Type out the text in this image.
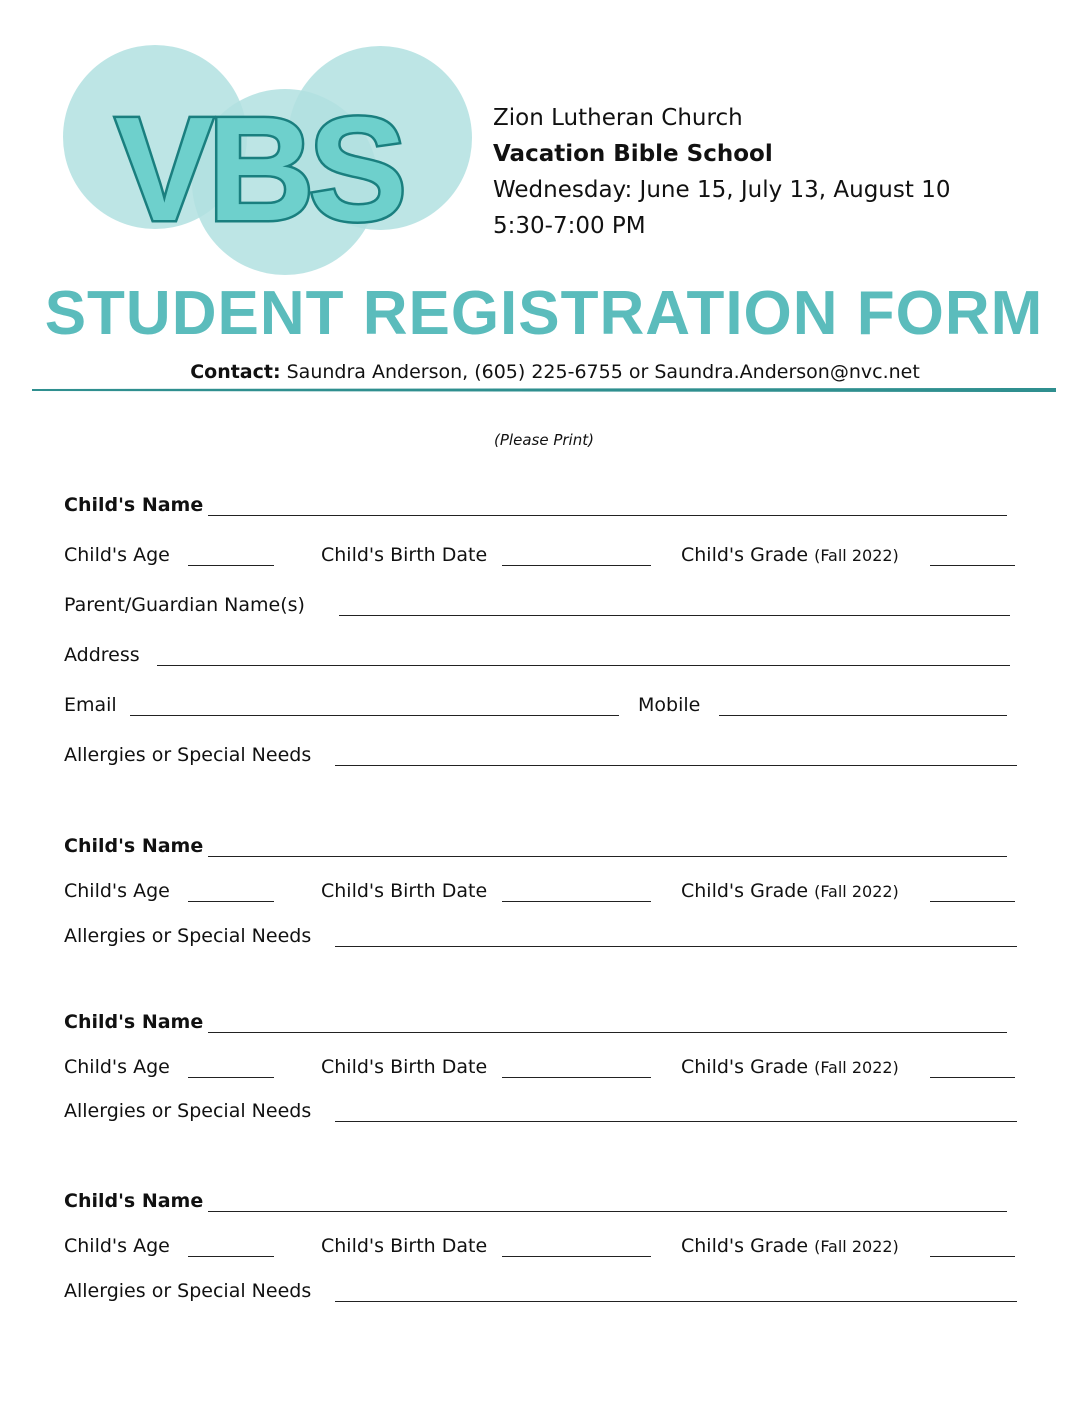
VBS	Zion Lutheran Church
Vacation Bible School
Wednesday: June 15, July 13, August 10
5:30-7:00 PM
STUDENT REGISTRATION FORM
Contact: Saundra Anderson, (605) 225-6755 or Saundra.Anderson@nvc.net
(Please Print)
Child's Name
Child's Age	Child's Birth Date	Child's Grade (Fall 2022)
Parent/Guardian Name(s)
Address
Email	Mobile
Allergies or Special Needs
Child's Name
Child's Age	Child's Birth Date	Child's Grade (Fall 2022)
Allergies or Special Needs
Child's Name
Child's Age	Child's Birth Date	Child's Grade (Fall 2022)
Allergies or Special Needs
Child's Name
Child's Age	Child's Birth Date	Child's Grade (Fall 2022)
Allergies or Special Needs
